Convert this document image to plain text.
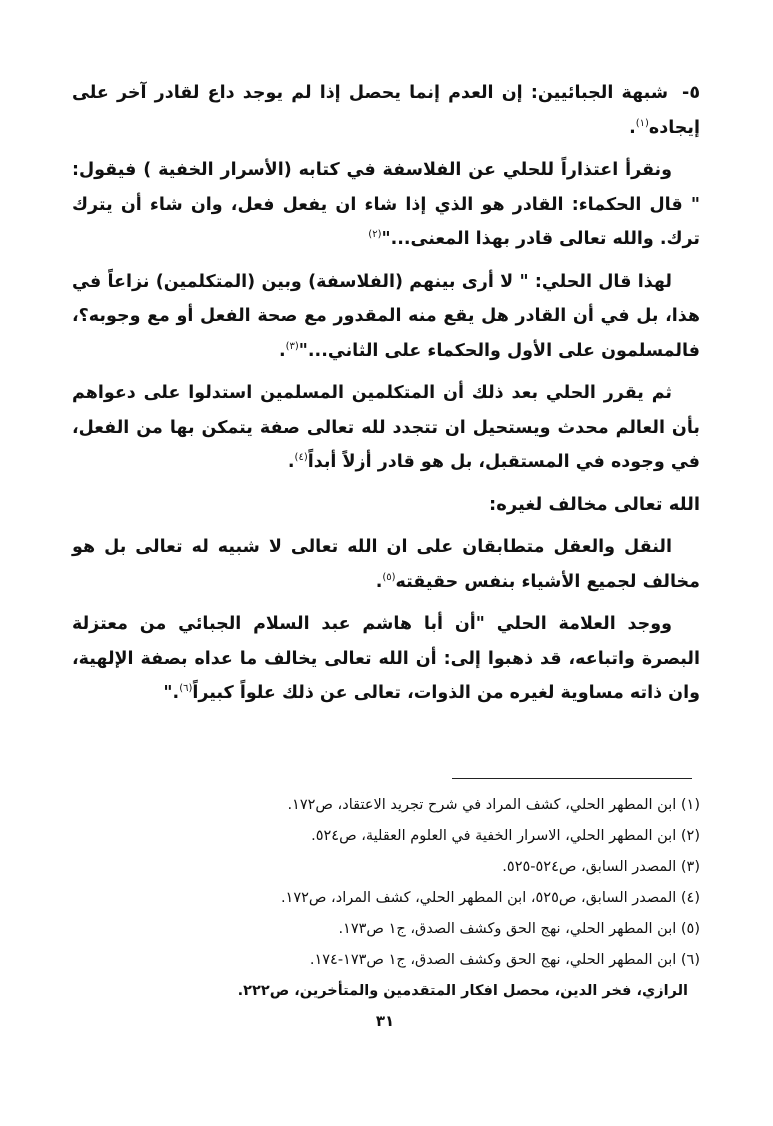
٥-شبهة الجبائيين: إن العدم إنما يحصل إذا لم يوجد داع لقادر آخر على إيجاده$^{(١)}$.

ونقرأ اعتذاراً للحلي عن الفلاسفة في كتابه (الأسرار الخفية ) فيقول: " قال الحكماء: القادر هو الذي إذا شاء ان يفعل فعل، وان شاء أن يترك ترك. والله تعالى قادر بهذا المعنى..."$^{(٢)}$

لهذا قال الحلي: " لا أرى بينهم (الفلاسفة) وبين (المتكلمين) نزاعاً في هذا، بل في أن القادر هل يقع منه المقدور مع صحة الفعل أو مع وجوبه؟، فالمسلمون على الأول والحكماء على الثاني..."$^{(٣)}$.

ثم يقرر الحلي بعد ذلك أن المتكلمين المسلمين استدلوا على دعواهم بأن العالم محدث ويستحيل ان تتجدد لله تعالى صفة يتمكن بها من الفعل، في وجوده في المستقبل، بل هو قادر أزلاً أبداً$^{(٤)}$.

الله تعالى مخالف لغيره:

النقل والعقل متطابقان على ان الله تعالى لا شبيه له تعالى بل هو مخالف لجميع الأشياء بنفس حقيقته$^{(٥)}$.

ووجد العلامة الحلي "أن أبا هاشم عبد السلام الجبائي من معتزلة البصرة واتباعه، قد ذهبوا إلى: أن الله تعالى يخالف ما عداه بصفة الإلهية، وان ذاته مساوية لغيره من الذوات، تعالى عن ذلك علواً كبيراً$^{(٦)}$."

(١) ابن المطهر الحلي، كشف المراد في شرح تجريد الاعتقاد، ص١٧٢.

(٢) ابن المطهر الحلي، الاسرار الخفية في العلوم العقلية، ص٥٢٤.

(٣) المصدر السابق، ص٥٢٤-٥٢٥.

(٤) المصدر السابق، ص٥٢٥، ابن المطهر الحلي، كشف المراد، ص١٧٢.

(٥) ابن المطهر الحلي، نهج الحق وكشف الصدق، ج١ ص١٧٣.

(٦) ابن المطهر الحلي، نهج الحق وكشف الصدق، ج١ ص١٧٣-١٧٤.

الرازي، فخر الدين، محصل افكار المتقدمين والمتأخرين، ص٢٢٢.

٣١
